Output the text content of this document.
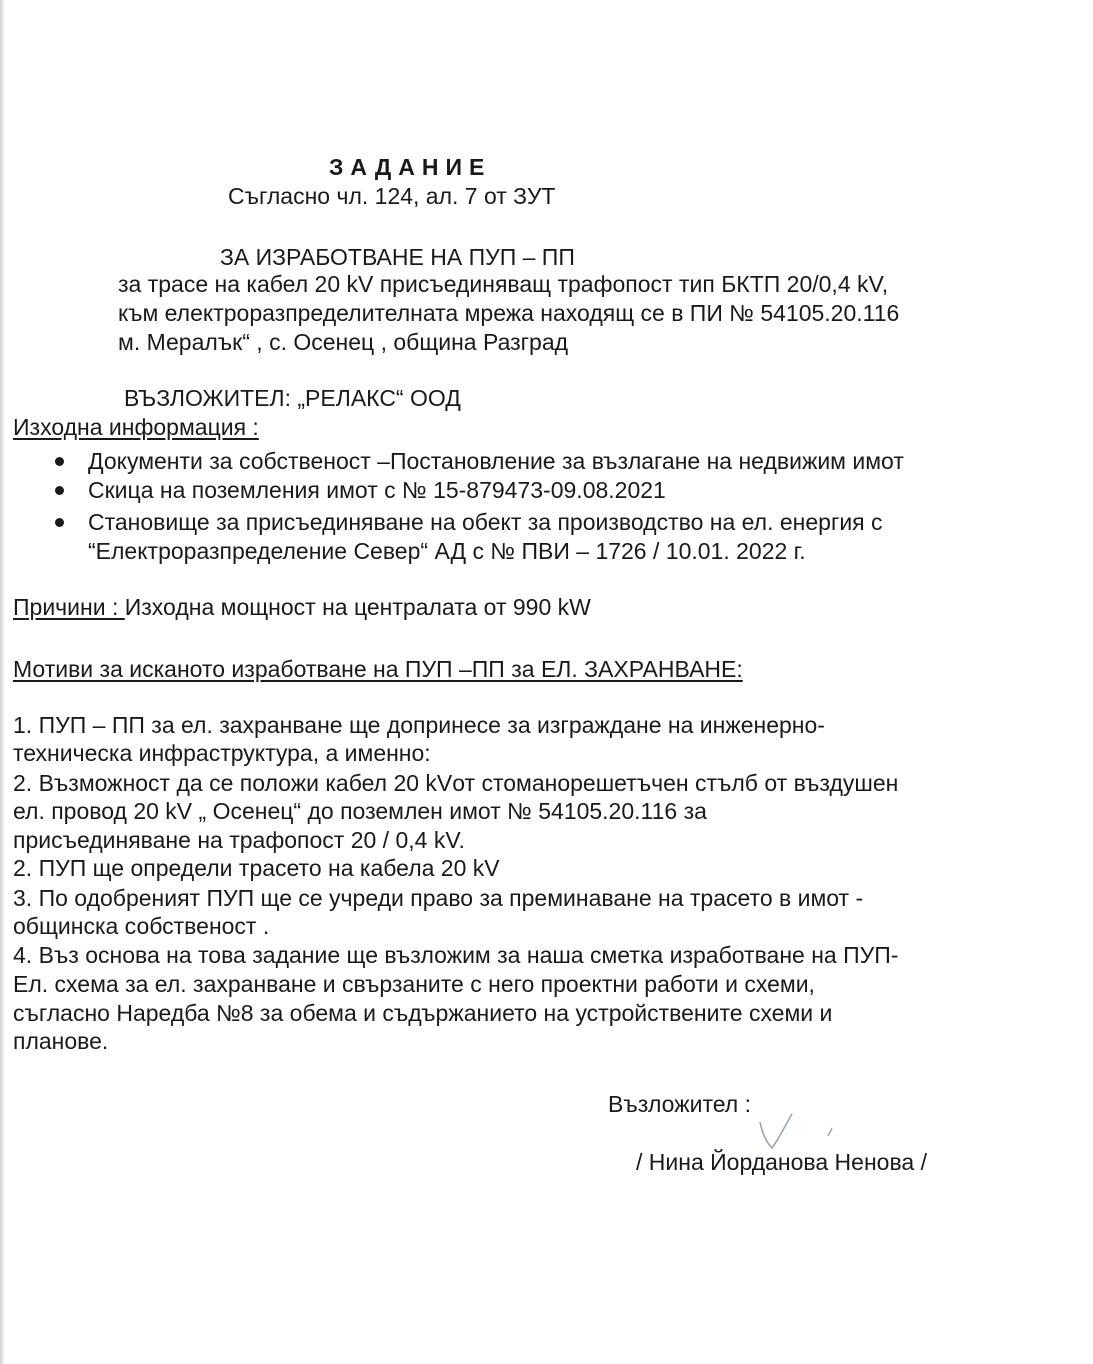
ЗАДАНИЕ
Съгласно чл. 124, ал. 7 от ЗУТ
ЗА ИЗРАБОТВАНЕ НА ПУП – ПП
за трасе на кабел 20 kV присъединяващ трафопост тип БКТП 20/0,4 kV,
към електроразпределителната мрежа находящ се в ПИ № 54105.20.116
м. Мералък“ , с. Осенец , община Разград
ВЪЗЛОЖИТЕЛ: „РЕЛАКС“ ООД
Изходна информация :
Документи за собственост –Постановление за възлагане на недвижим имот
Скица на поземления имот с № 15-879473-09.08.2021
Становище за присъединяване на обект за производство на ел. енергия с
“Електроразпределение Север“ АД с № ПВИ – 1726 / 10.01. 2022 г.
Причини : Изходна мощност на централата от 990 kW
Мотиви за исканото изработване на ПУП –ПП за ЕЛ. ЗАХРАНВАНЕ:
1. ПУП – ПП за ел. захранване ще допринесе за изграждане на инженерно-
техническа инфраструктура, а именно:
2. Възможност да се положи кабел 20 kVот стоманорешетъчен стълб от въздушен
ел. провод 20 kV „ Осенец“ до поземлен имот № 54105.20.116 за
присъединяване на трафопост 20 / 0,4 kV.
2. ПУП ще определи трасето на кабела 20 kV
3. По одобреният ПУП ще се учреди право за преминаване на трасето в имот -
общинска собственост .
4. Въз основа на това задание ще възложим за наша сметка изработване на ПУП-
Ел. схема за ел. захранване и свързаните с него проектни работи и схеми,
съгласно Наредба №8 за обема и съдържанието на устройствените схеми и
планове.
Възложител :
/ Нина Йорданова Ненова /
